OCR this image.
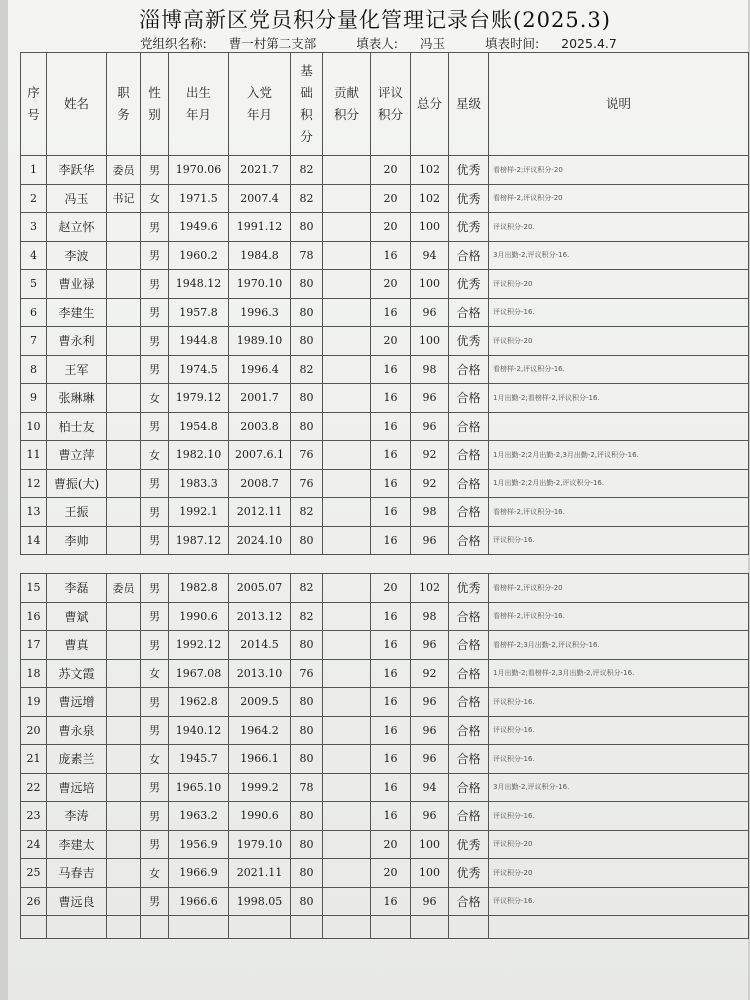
淄博高新区党员积分量化管理记录台账(2025.3)
党组织名称: 曹一村第二支部	填表人: 冯玉	填表时间: 2025.4.7
序号	姓名	职务	性别	出生年月	入党年月	基础积分	贡献积分	评议积分	总分	星级	说明
1	李跃华	委员	男	1970.06	2021.7	82		20	102	优秀	看榜样-2;评议积分-20
2	冯玉	书记	女	1971.5	2007.4	82		20	102	优秀	看榜样-2,评议积分-20
3	赵立怀		男	1949.6	1991.12	80		20	100	优秀	评议积分-20.
4	李波		男	1960.2	1984.8	78		16	94	合格	3月出勤-2,评议积分-16.
5	曹业禄		男	1948.12	1970.10	80		20	100	优秀	评议积分-20
6	李建生		男	1957.8	1996.3	80		16	96	合格	评议积分-16.
7	曹永利		男	1944.8	1989.10	80		20	100	优秀	评议积分-20
8	王军		男	1974.5	1996.4	82		16	98	合格	看榜样-2,评议积分-16.
9	张琳琳		女	1979.12	2001.7	80		16	96	合格	1月出勤-2;看榜样-2,评议积分-16.
10	柏士友		男	1954.8	2003.8	80		16	96	合格	
11	曹立萍		女	1982.10	2007.6.1	76		16	92	合格	1月出勤-2;2月出勤-2,3月出勤-2,评议积分-16.
12	曹振(大)		男	1983.3	2008.7	76		16	92	合格	1月出勤-2;2月出勤-2,评议积分-16.
13	王振		男	1992.1	2012.11	82		16	98	合格	看榜样-2,评议积分-16.
14	李帅		男	1987.12	2024.10	80		16	96	合格	评议积分-16.

15	李磊	委员	男	1982.8	2005.07	82		20	102	优秀	看榜样-2,评议积分-20
16	曹斌		男	1990.6	2013.12	82		16	98	合格	看榜样-2,评议积分-16.
17	曹真		男	1992.12	2014.5	80		16	96	合格	看榜样-2;3月出勤-2,评议积分-16.
18	苏文霞		女	1967.08	2013.10	76		16	92	合格	1月出勤-2;看榜样-2,3月出勤-2,评议积分-16.
19	曹远增		男	1962.8	2009.5	80		16	96	合格	评议积分-16.
20	曹永泉		男	1940.12	1964.2	80		16	96	合格	评议积分-16.
21	庞素兰		女	1945.7	1966.1	80		16	96	合格	评议积分-16.
22	曹远培		男	1965.10	1999.2	78		16	94	合格	3月出勤-2,评议积分-16.
23	李涛		男	1963.2	1990.6	80		16	96	合格	评议积分-16.
24	李建太		男	1956.9	1979.10	80		20	100	优秀	评议积分-20
25	马春吉		女	1966.9	2021.11	80		20	100	优秀	评议积分-20
26	曹远良		男	1966.6	1998.05	80		16	96	合格	评议积分-16.
